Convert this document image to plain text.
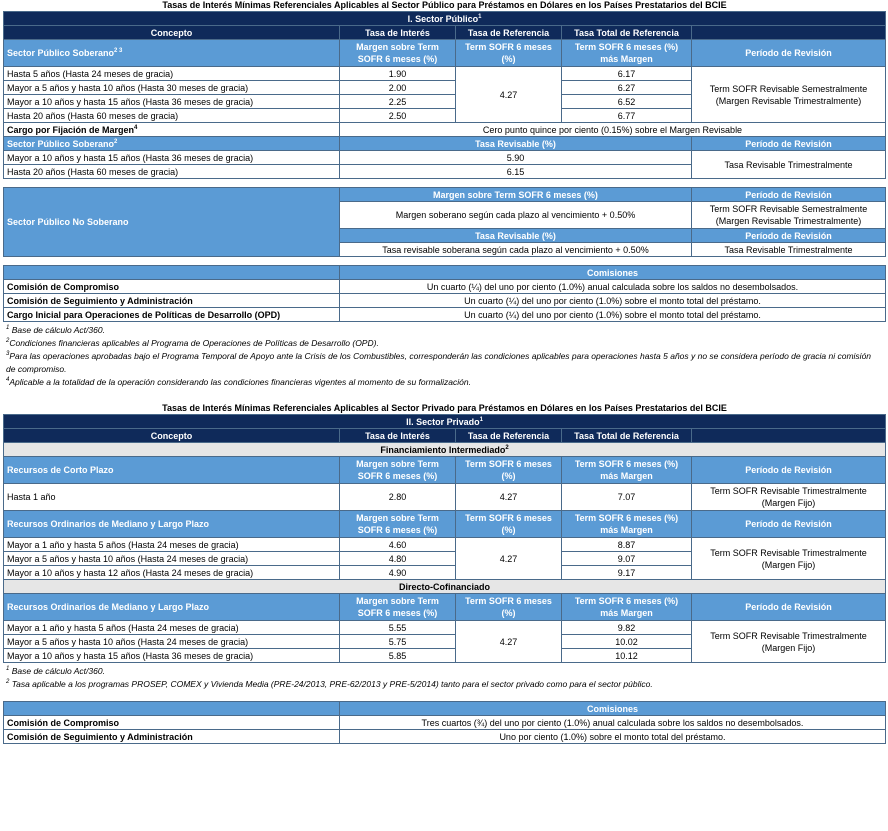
Tasas de Interés Mínimas Referenciales Aplicables al Sector Público para Préstamos en Dólares en los Países Prestatarios del BCIE				
I. Sector Público$^1$
Concepto	Tasa de Interés	Tasa de Referencia	Tasa Total de Referencia	
Sector Público Soberano$^{2 3}$	Margen sobre Term SOFR 6 meses (%)	Term SOFR 6 meses (%)	Term SOFR 6 meses (%) más Margen	Período de Revisión
Hasta 5 años (Hasta 24 meses de gracia)	1.90	4.27	6.17	Term SOFR Revisable Semestralmente
(Margen Revisable Trimestralmente)

Mayor a 5 años y hasta 10 años (Hasta 30 meses de gracia)	2.00		6.27	
Mayor a 10 años y hasta 15 años (Hasta 36 meses de gracia)	2.25		6.52	
Hasta 20 años (Hasta 60 meses de gracia)	2.50		6.77	
Cargo por Fijación de Margen$^4$	Cero punto quince por ciento (0.15%) sobre el Margen Revisable			
Sector Público Soberano$^2$	Tasa Revisable (%)			Período de Revisión
Mayor a 10 años y hasta 15 años (Hasta 36 meses de gracia)	5.90			Tasa Revisable Trimestralmente
Hasta 20 años (Hasta 60 meses de gracia)	6.15			
Sector Público No Soberano	Margen sobre Term SOFR 6 meses (%)	Período de Revisión
	Margen soberano según cada plazo al vencimiento + 0.50%	Term SOFR Revisable Semestralmente
(Margen Revisable Trimestralmente)

	Tasa Revisable (%)	Período de Revisión
	Tasa revisable soberana según cada plazo al vencimiento + 0.50%	Tasa Revisable Trimestralmente
	Comisiones
Comisión de Compromiso	Un cuarto (¼) del uno por ciento (1.0%) anual calculada sobre los saldos no desembolsados.
Comisión de Seguimiento y Administración	Un cuarto (¼) del uno por ciento (1.0%) sobre el monto total del préstamo.
Cargo Inicial para Operaciones de Políticas de Desarrollo (OPD)	Un cuarto (¼) del uno por ciento (1.0%) sobre el monto total del préstamo.
$^1$ Base de cálculo Act/360.
$^2$Condiciones financieras aplicables al Programa de Operaciones de Políticas de Desarrollo (OPD).
$^3$Para las operaciones aprobadas bajo el Programa Temporal de Apoyo ante la Crisis de los Combustibles, corresponderán las condiciones aplicables para operaciones hasta 5 años y no se considera período de gracia ni comisión de compromiso.
$^4$Aplicable a la totalidad de la operación considerando las condiciones financieras vigentes al momento de su formalización.
Tasas de Interés Mínimas Referenciales Aplicables al Sector Privado para Préstamos en Dólares en los Países Prestatarios del BCIE				
II. Sector Privado$^1$
Concepto	Tasa de Interés	Tasa de Referencia	Tasa Total de Referencia	
Financiamiento Intermediado$^2$
Recursos de Corto Plazo	Margen sobre Term SOFR 6 meses (%)	Term SOFR 6 meses (%)	Term SOFR 6 meses (%) más Margen	Período de Revisión
Hasta 1 año	2.80	4.27	7.07	Term SOFR Revisable Trimestralmente
(Margen Fijo)

Recursos Ordinarios de Mediano y Largo Plazo	Margen sobre Term SOFR 6 meses (%)	Term SOFR 6 meses (%)	Term SOFR 6 meses (%) más Margen	Período de Revisión
Mayor a 1 año y hasta 5 años (Hasta 24 meses de gracia)	4.60	4.27	8.87	Term SOFR Revisable Trimestralmente
(Margen Fijo)

Mayor a 5 años y hasta 10 años (Hasta 24 meses de gracia)	4.80		9.07	
Mayor a 10 años y hasta 12 años (Hasta 24 meses de gracia)	4.90		9.17	
Directo-Cofinanciado				
Recursos Ordinarios de Mediano y Largo Plazo	Margen sobre Term SOFR 6 meses (%)	Term SOFR 6 meses (%)	Term SOFR 6 meses (%) más Margen	Período de Revisión
Mayor a 1 año y hasta 5 años (Hasta 24 meses de gracia)	5.55	4.27	9.82	Term SOFR Revisable Trimestralmente
(Margen Fijo)

Mayor a 5 años y hasta 10 años (Hasta 24 meses de gracia)	5.75		10.02	
Mayor a 10 años y hasta 15 años (Hasta 36 meses de gracia)	5.85		10.12	
$^1$ Base de cálculo Act/360.
$^2$ Tasa aplicable a los programas PROSEP, COMEX y Vivienda Media (PRE-24/2013, PRE-62/2013 y PRE-5/2014) tanto para el sector privado como para el sector público.
	Comisiones
Comisión de Compromiso	Tres cuartos (¾) del uno por ciento (1.0%) anual calculada sobre los saldos no desembolsados.
Comisión de Seguimiento y Administración	Uno por ciento (1.0%) sobre el monto total del préstamo.
